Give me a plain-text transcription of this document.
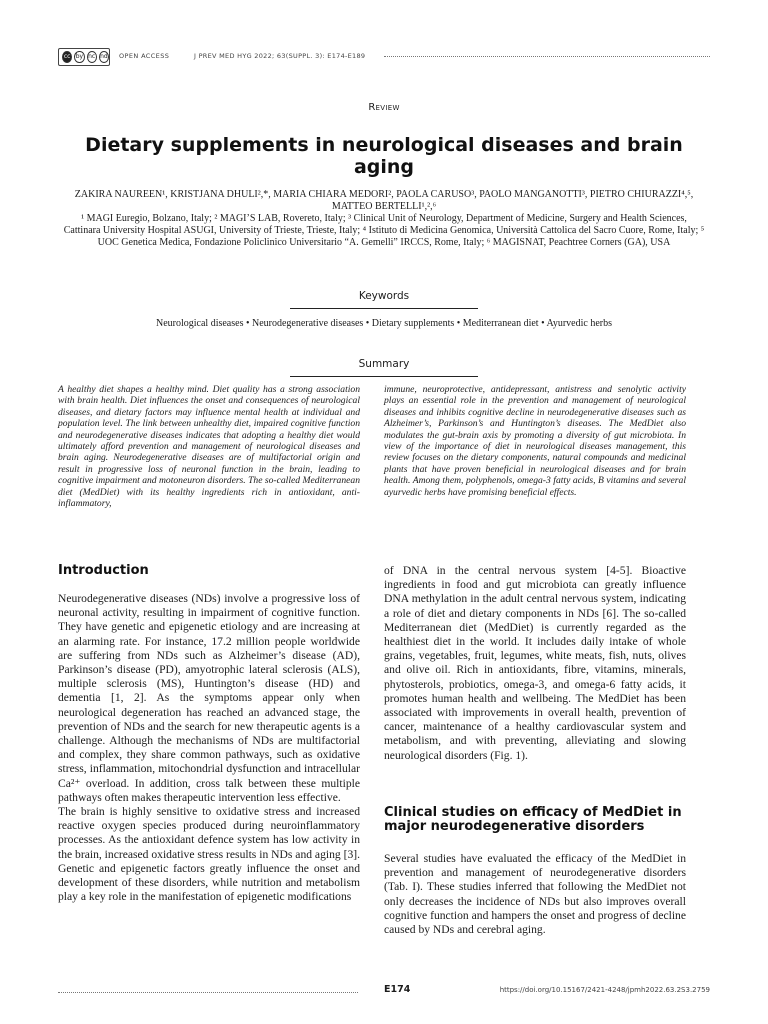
cc by nc nd OPEN ACCESS	J PREV MED HYG 2022; 63(SUPPL. 3): E174-E189
Review
Dietary supplements in neurological diseases and brain aging
ZAKIRA NAUREEN¹, KRISTJANA DHULI²,*, MARIA CHIARA MEDORI², PAOLA CARUSO³, PAOLO MANGANOTTI³, PIETRO CHIURAZZI⁴,⁵, MATTEO BERTELLI¹,²,⁶
¹ MAGI Euregio, Bolzano, Italy; ² MAGI’S LAB, Rovereto, Italy; ³ Clinical Unit of Neurology, Department of Medicine, Surgery and Health Sciences, Cattinara University Hospital ASUGI, University of Trieste, Trieste, Italy; ⁴ Istituto di Medicina Genomica, Università Cattolica del Sacro Cuore, Rome, Italy; ⁵ UOC Genetica Medica, Fondazione Policlinico Universitario “A. Gemelli” IRCCS, Rome, Italy; ⁶ MAGISNAT, Peachtree Corners (GA), USA
Keywords
Neurological diseases • Neurodegenerative diseases • Dietary supplements • Mediterranean diet • Ayurvedic herbs
Summary
A healthy diet shapes a healthy mind. Diet quality has a strong association with brain health. Diet influences the onset and consequences of neurological diseases, and dietary factors may influence mental health at individual and population level. The link between unhealthy diet, impaired cognitive function and neurodegenerative diseases indicates that adopting a healthy diet would ultimately afford prevention and management of neurological diseases and brain aging. Neurodegenerative diseases are of multifactorial origin and result in progressive loss of neuronal function in the brain, leading to cognitive impairment and motoneuron disorders. The so-called Mediterranean diet (MedDiet) with its healthy ingredients rich in antioxidant, anti-inflammatory,
immune, neuroprotective, antidepressant, antistress and senolytic activity plays an essential role in the prevention and management of neurological diseases and inhibits cognitive decline in neurodegenerative diseases such as Alzheimer’s, Parkinson’s and Huntington’s diseases. The MedDiet also modulates the gut-brain axis by promoting a diversity of gut microbiota. In view of the importance of diet in neurological diseases management, this review focuses on the dietary components, natural compounds and medicinal plants that have proven beneficial in neurological diseases and for brain health. Among them, polyphenols, omega-3 fatty acids, B vitamins and several ayurvedic herbs have promising beneficial effects.
Introduction

Neurodegenerative diseases (NDs) involve a progressive loss of neuronal activity, resulting in impairment of cognitive function. They have genetic and epigenetic etiology and are increasing at an alarming rate. For instance, 17.2 million people worldwide are suffering from NDs such as Alzheimer’s disease (AD), Parkinson’s disease (PD), amyotrophic lateral sclerosis (ALS), multiple sclerosis (MS), Huntington’s disease (HD) and dementia [1, 2]. As the symptoms appear only when neurological degeneration has reached an advanced stage, the prevention of NDs and the search for new therapeutic agents is a challenge. Although the mechanisms of NDs are multifactorial and complex, they share common pathways, such as oxidative stress, inflammation, mitochondrial dysfunction and intracellular Ca²⁺ overload. In addition, cross talk between these multiple pathways often makes therapeutic intervention less effective.

The brain is highly sensitive to oxidative stress and increased reactive oxygen species produced during neuroinflammatory processes. As the antioxidant defence system has low activity in the brain, increased oxidative stress results in NDs and aging [3]. Genetic and epigenetic factors greatly influence the onset and development of these disorders, while nutrition and metabolism play a key role in the manifestation of epigenetic modifications

of DNA in the central nervous system [4-5]. Bioactive ingredients in food and gut microbiota can greatly influence DNA methylation in the adult central nervous system, indicating a role of diet and dietary components in NDs [6]. The so-called Mediterranean diet (MedDiet) is currently regarded as the healthiest diet in the world. It includes daily intake of whole grains, vegetables, fruit, legumes, white meats, fish, nuts, olives and olive oil. Rich in antioxidants, fibre, vitamins, minerals, phytosterols, probiotics, omega-3, and omega-6 fatty acids, it promotes human health and wellbeing. The MedDiet has been associated with improvements in overall health, prevention of cancer, maintenance of a healthy cardiovascular system and metabolism, and with preventing, alleviating and slowing neurological disorders (Fig. 1).

Clinical studies on efficacy of MedDiet in major neurodegenerative disorders

Several studies have evaluated the efficacy of the MedDiet in prevention and management of neurodegenerative disorders (Tab. I). These studies inferred that following the MedDiet not only decreases the incidence of NDs but also improves overall cognitive function and hampers the onset and progress of decline caused by NDs and cerebral aging.

E174	https://doi.org/10.15167/2421-4248/jpmh2022.63.2S3.2759
